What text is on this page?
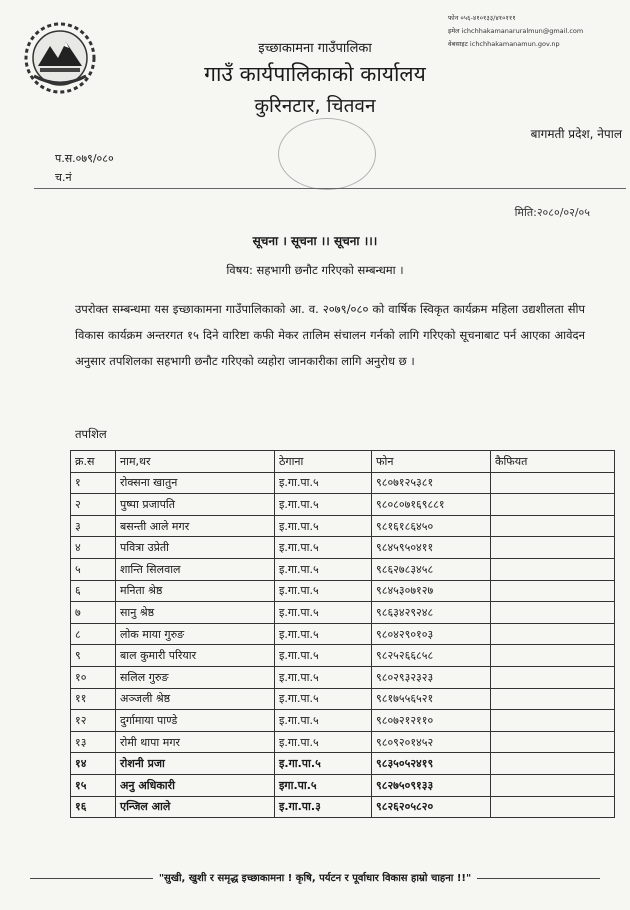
फोन ०५६-४१०१३३/४१०१११
इमेल ichchhakamanaruralmun@gmail.com
वेबसाइट ichchhakamanamun.gov.np
इच्छाकामना गाउँपालिका
गाउँ कार्यपालिकाको कार्यालय
कुरिनटार, चितवन
बागमती प्रदेश, नेपाल
प.स.०७९/०८०
च.नं
मिति:२०८०/०२/०५
सूचना । सूचना ।। सूचना ।।।
विषय: सहभागी छनौट गरिएको सम्बन्धमा ।
उपरोक्त सम्बन्धमा यस इच्छाकामना गाउँपालिकाको आ. व. २०७९/०८० को वार्षिक स्विकृत कार्यक्रम महिला उद्यशीलता सीप विकास कार्यक्रम अन्तरगत १५ दिने वारिष्टा कफी मेकर तालिम संचालन गर्नको लागि गरिएको सूचनाबाट पर्न आएका आवेदन अनुसार तपशिलका सहभागी छनौट गरिएको व्यहोरा जानकारीका लागि अनुरोध छ ।
तपशिल
क्र.स	नाम,थर	ठेगाना	फोन	कैफियत
१	रोक्सना खातुन	इ.गा.पा.५	९८०७१२५३८१	
२	पुष्पा प्रजापति	इ.गा.पा.५	९८०८०७१६९८८१	
३	बसन्ती आले मगर	इ.गा.पा.५	९८१६१८६४५०	
४	पवित्रा उप्रेती	इ.गा.पा.५	९८४५९५०४११	
५	शान्ति सिलवाल	इ.गा.पा.५	९८६२७८३४५८	
६	मनिता श्रेष्ठ	इ.गा.पा.५	९८४५३०७१२७	
७	सानु श्रेष्ठ	इ.गा.पा.५	९८६३४२९२४८	
८	लोक माया गुरुङ	इ.गा.पा.५	९८०४२९०१०३	
९	बाल कुमारी परियार	इ.गा.पा.५	९८२५२६६८५८	
१०	सलिल गुरुङ	इ.गा.पा.५	९८०२९३२३२३	
११	अञ्जली श्रेष्ठ	इ.गा.पा.५	९८१७५५६५२१	
१२	दुर्गामाया पाण्डे	इ.गा.पा.५	९८०७२१२११०	
१३	रोमी थापा मगर	इ.गा.पा.५	९८०९२०१४५२	
१४	रोशनी प्रजा	इ.गा.पा.५	९८३५०५२४१९	
१५	अनु अधिकारी	इगा.पा.५	९८२७५०९१३३	
१६	एन्जिल आले	इ.गा.पा.३	९८२६२०५८२०	
"सुखी, खुशी र समृद्ध इच्छाकामना ! कृषि, पर्यटन र पूर्वाधार विकास हाम्रो चाहना !!"
